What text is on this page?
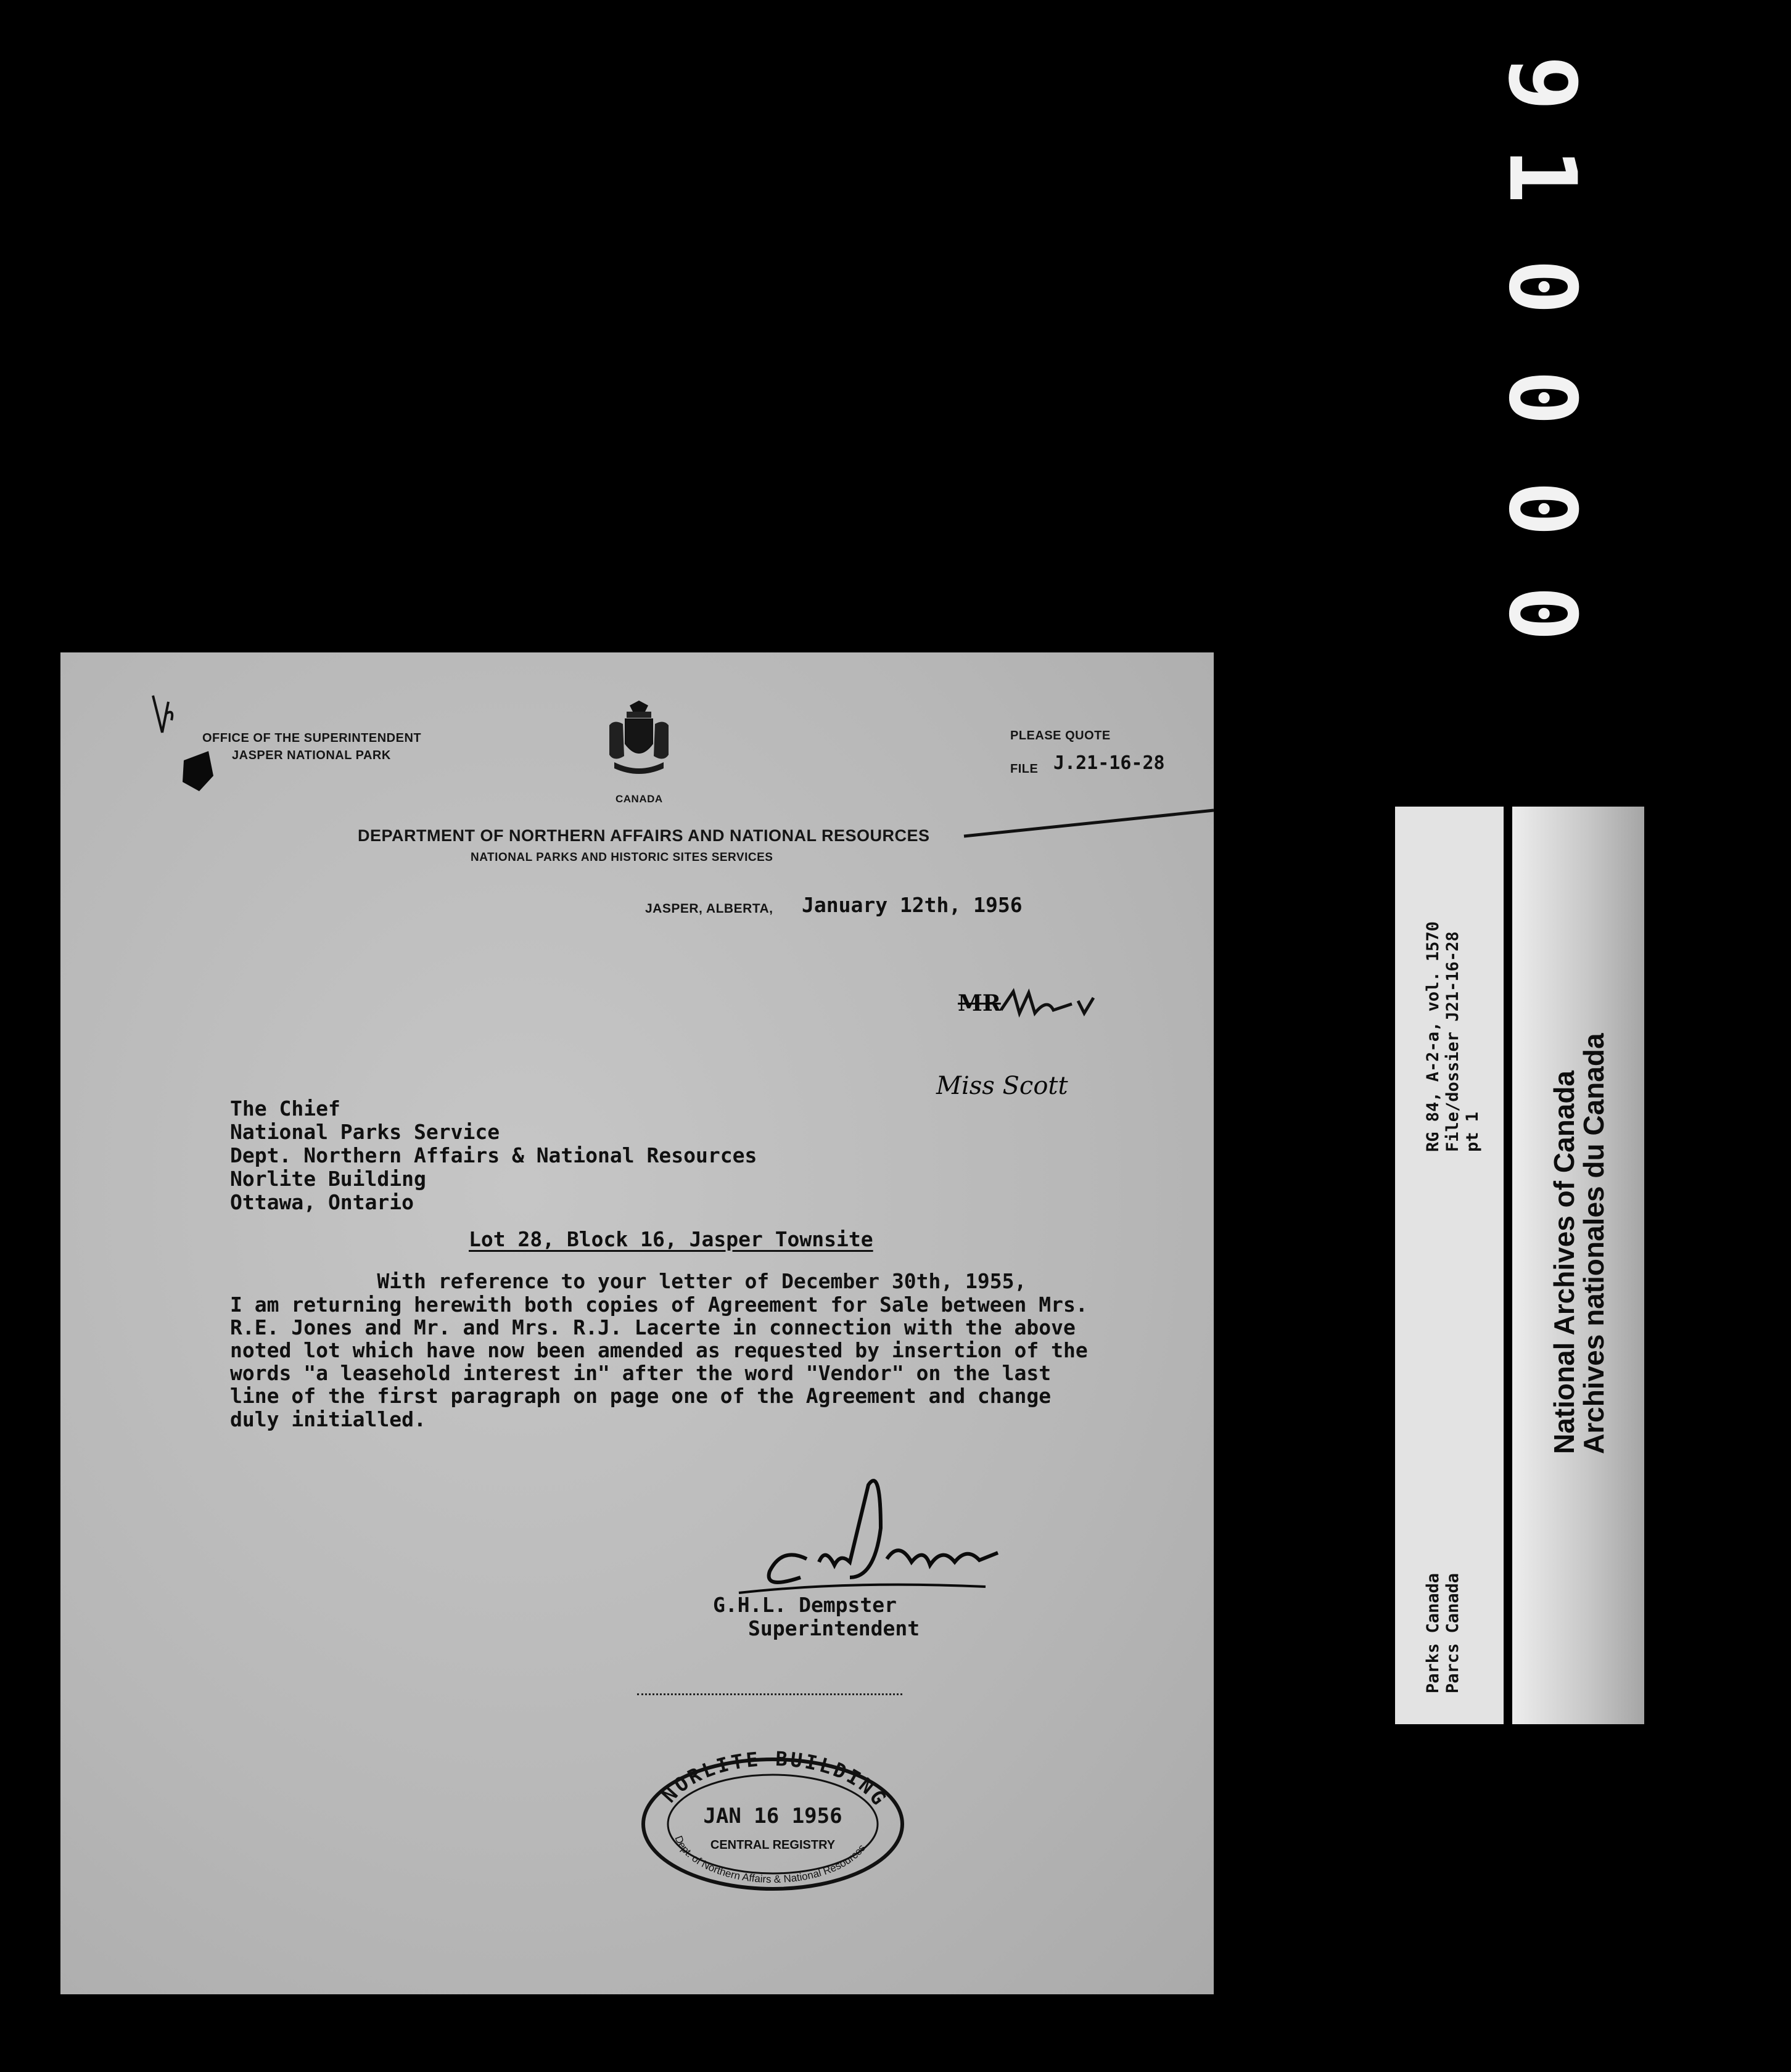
9
1
0
0
0
0
OFFICE OF THE SUPERINTENDENT
JASPER NATIONAL PARK
CANADA
PLEASE QUOTE
FILE J.21-16-28
DEPARTMENT OF NORTHERN AFFAIRS AND NATIONAL RESOURCES
NATIONAL PARKS AND HISTORIC SITES SERVICES
JASPER, ALBERTA, January 12th, 1956
MR
Miss Scott
The Chief
National Parks Service
Dept. Northern Affairs & National Resources
Norlite Building
Ottawa, Ontario
Lot 28, Block 16, Jasper Townsite
With reference to your letter of December 30th, 1955,
I am returning herewith both copies of Agreement for Sale between Mrs.
R.E. Jones and Mr. and Mrs. R.J. Lacerte in connection with the above
noted lot which have now been amended as requested by insertion of the
words "a leasehold interest in" after the word "Vendor" on the last
line of the first paragraph on page one of the Agreement and change
duly initialled.
G.H.L. Dempster
Superintendent
NORLITE BUILDING
JAN 16 1956
CENTRAL REGISTRY
Dept. of Northern Affairs & National Resources
RG 84, A-2-a, vol. 1570 File/dossier J21-16-28 pt 1
Parks Canada Parcs Canada
National Archives of Canada
Archives nationales du Canada
